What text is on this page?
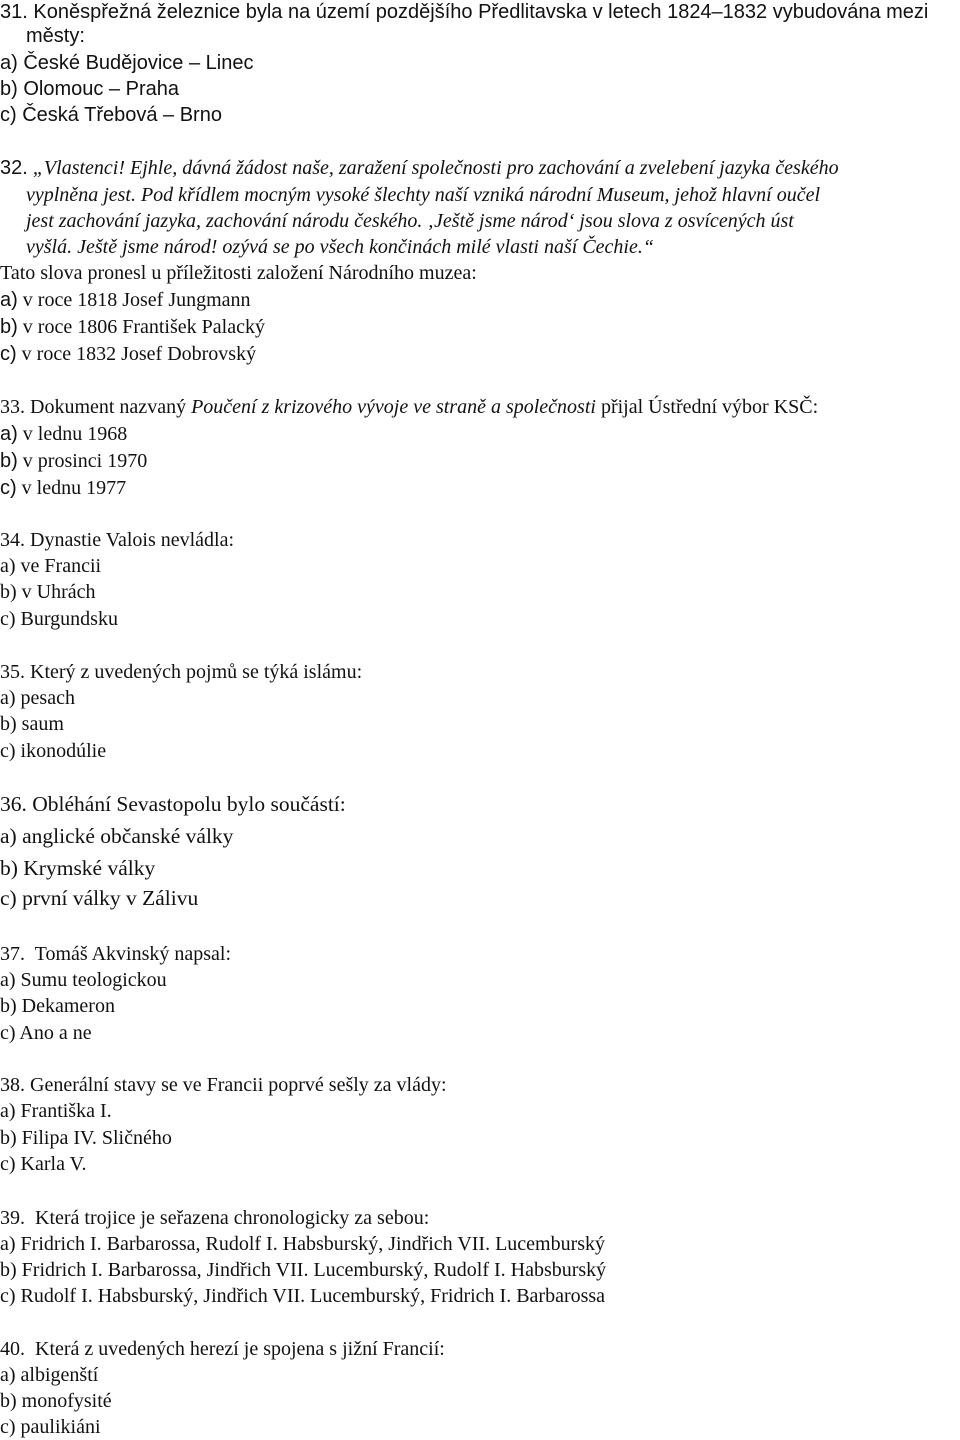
31. Koněspřežná železnice byla na území pozdějšího Předlitavska v letech 1824–1832 vybudována mezi
městy:
a) České Budějovice – Linec
b) Olomouc – Praha
c) Česká Třebová – Brno
32. „Vlastenci! Ejhle, dávná žádost naše, zaražení společnosti pro zachování a zvelebení jazyka českého
vyplněna jest. Pod křídlem mocným vysoké šlechty naší vzniká národní Museum, jehož hlavní oučel
jest zachování jazyka, zachování národu českého. ‚Ještě jsme národ‘ jsou slova z osvícených úst
vyšlá. Ještě jsme národ! ozývá se po všech končinách milé vlasti naší Čechie.“
Tato slova pronesl u příležitosti založení Národního muzea:
a) v roce 1818 Josef Jungmann
b) v roce 1806 František Palacký
c) v roce 1832 Josef Dobrovský
33. Dokument nazvaný Poučení z krizového vývoje ve straně a společnosti přijal Ústřední výbor KSČ:
a) v lednu 1968
b) v prosinci 1970
c) v lednu 1977
34. Dynastie Valois nevládla:
a) ve Francii
b) v Uhrách
c) Burgundsku
35. Který z uvedených pojmů se týká islámu:
a) pesach
b) saum
c) ikonodúlie
36. Obléhání Sevastopolu bylo součástí:
a) anglické občanské války
b) Krymské války
c) první války v Zálivu
37. Tomáš Akvinský napsal:
a) Sumu teologickou
b) Dekameron
c) Ano a ne
38. Generální stavy se ve Francii poprvé sešly za vlády:
a) Františka I.
b) Filipa IV. Sličného
c) Karla V.
39. Která trojice je seřazena chronologicky za sebou:
a) Fridrich I. Barbarossa, Rudolf I. Habsburský, Jindřich VII. Lucemburský
b) Fridrich I. Barbarossa, Jindřich VII. Lucemburský, Rudolf I. Habsburský
c) Rudolf I. Habsburský, Jindřich VII. Lucemburský, Fridrich I. Barbarossa
40. Která z uvedených herezí je spojena s jižní Francií:
a) albigenští
b) monofysité
c) paulikiáni
